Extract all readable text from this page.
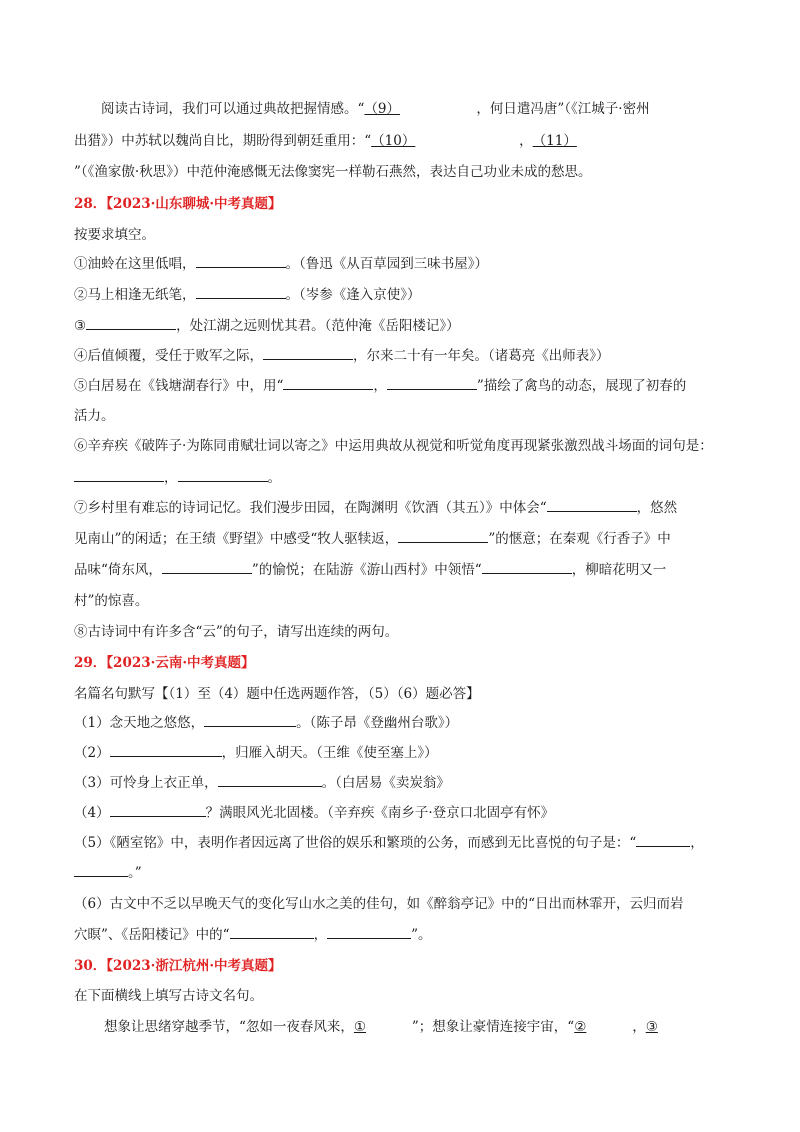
阅读古诗词，我们可以通过典故把握情感。“（9）	，何日遣冯唐”（《江城子·密州
出猎》）中苏轼以魏尚自比，期盼得到朝廷重用：“（10）	，（11）
”（《渔家傲·秋思》）中范仲淹感慨无法像窦宪一样勒石燕然，表达自己功业未成的愁思。
28．【2023·山东聊城·中考真题】
按要求填空。
①油蛉在这里低唱，	。（鲁迅《从百草园到三味书屋》）
②马上相逢无纸笔，	。（岑参《逢入京使》）
③	，处江湖之远则忧其君。（范仲淹《岳阳楼记》）
④后值倾覆，受任于败军之际，	，尔来二十有一年矣。（诸葛亮《出师表》）
⑤白居易在《钱塘湖春行》中，用“	，	”描绘了禽鸟的动态，展现了初春的
活力。
⑥辛弃疾《破阵子·为陈同甫赋壮词以寄之》中运用典故从视觉和听觉角度再现紧张激烈战斗场面的词句是：
，	。
⑦乡村里有难忘的诗词记忆。我们漫步田园，在陶渊明《饮酒（其五）》中体会“	，悠然
见南山”的闲适；在王绩《野望》中感受“牧人驱犊返，	”的惬意；在秦观《行香子》中
品味“倚东风，	”的愉悦；在陆游《游山西村》中领悟“	，柳暗花明又一
村”的惊喜。
⑧古诗词中有许多含“云”的句子，请写出连续的两句。
29．【2023·云南·中考真题】
名篇名句默写【（1）至（4）题中任选两题作答，（5）（6）题必答】
（1）念天地之悠悠，	。（陈子昂《登幽州台歌》）
（2）	，归雁入胡天。（王维《使至塞上》）
（3）可怜身上衣正单，	。（白居易《卖炭翁》
（4）	？满眼风光北固楼。（辛弃疾《南乡子·登京口北固亭有怀》
（5）《陋室铭》中，表明作者因远离了世俗的娱乐和繁琐的公务，而感到无比喜悦的句子是：“	，
。”
（6）古文中不乏以早晚天气的变化写山水之美的佳句，如《醉翁亭记》中的“日出而林霏开，云归而岩
穴暝”、《岳阳楼记》中的“	，	”。
30．【2023·浙江杭州·中考真题】
在下面横线上填写古诗文名句。
想象让思绪穿越季节，“忽如一夜春风来，①	”；想象让豪情连接宇宙，“②	，③
